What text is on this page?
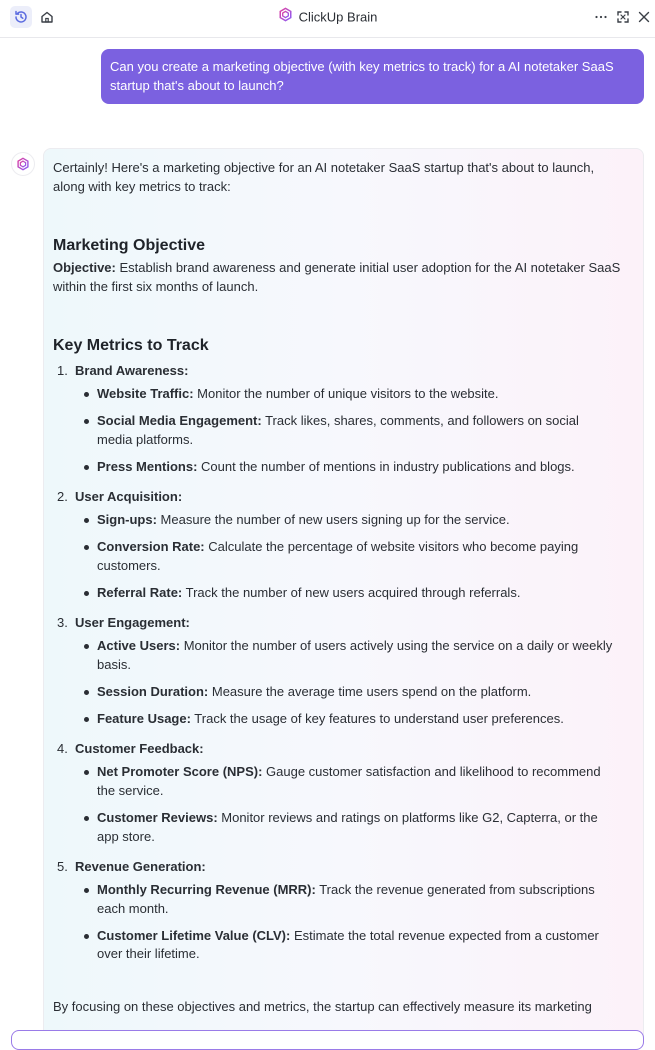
ClickUp Brain
Can you create a marketing objective (with key metrics to track) for a AI notetaker SaaS startup that's about to launch?
Certainly! Here's a marketing objective for an AI notetaker SaaS startup that's about to launch,
along with key metrics to track:
Marketing Objective
Objective: Establish brand awareness and generate initial user adoption for the AI notetaker SaaS
within the first six months of launch.
Key Metrics to Track
1. Brand Awareness:
Website Traffic: Monitor the number of unique visitors to the website.
Social Media Engagement: Track likes, shares, comments, and followers on social
media platforms.
Press Mentions: Count the number of mentions in industry publications and blogs.
2. User Acquisition:
Sign-ups: Measure the number of new users signing up for the service.
Conversion Rate: Calculate the percentage of website visitors who become paying
customers.
Referral Rate: Track the number of new users acquired through referrals.
3. User Engagement:
Active Users: Monitor the number of users actively using the service on a daily or weekly
basis.
Session Duration: Measure the average time users spend on the platform.
Feature Usage: Track the usage of key features to understand user preferences.
4. Customer Feedback:
Net Promoter Score (NPS): Gauge customer satisfaction and likelihood to recommend
the service.
Customer Reviews: Monitor reviews and ratings on platforms like G2, Capterra, or the
app store.
5. Revenue Generation:
Monthly Recurring Revenue (MRR): Track the revenue generated from subscriptions
each month.
Customer Lifetime Value (CLV): Estimate the total revenue expected from a customer
over their lifetime.
By focusing on these objectives and metrics, the startup can effectively measure its marketing
